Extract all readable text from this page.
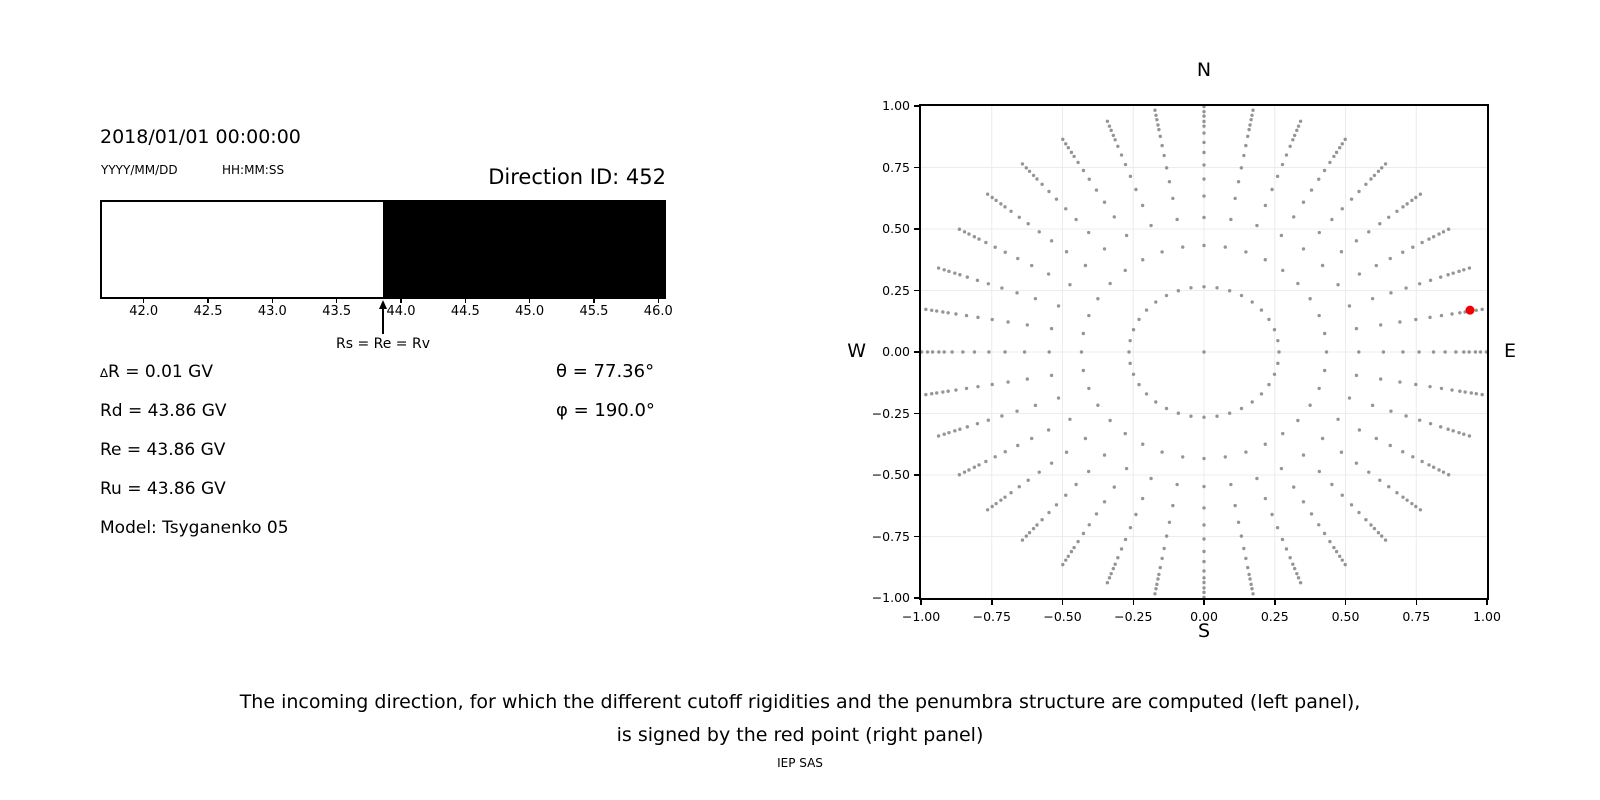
2018/01/01 00:00:00
YYYY/MM/DD	HH:MM:SS	Direction ID: 452
42.0	42.5	43.0	43.5	44.0	44.5	45.0	45.5	46.0
Rs = Re = Rv
∆R = 0.01 GV
Rd = 43.86 GV
Re = 43.86 GV
Ru = 43.86 GV
Model: Tsyganenko 05
θ = 77.36°
φ = 190.0°
N
S
W	E
−1.00
−0.75
−0.50
−0.25
0.00
0.25
0.50
0.75
1.00
−1.00	−0.75	−0.50	−0.25	0.00	0.25	0.50	0.75	1.00
The incoming direction, for which the different cutoff rigidities and the penumbra structure are computed (left panel),
is signed by the red point (right panel)
IEP SAS
